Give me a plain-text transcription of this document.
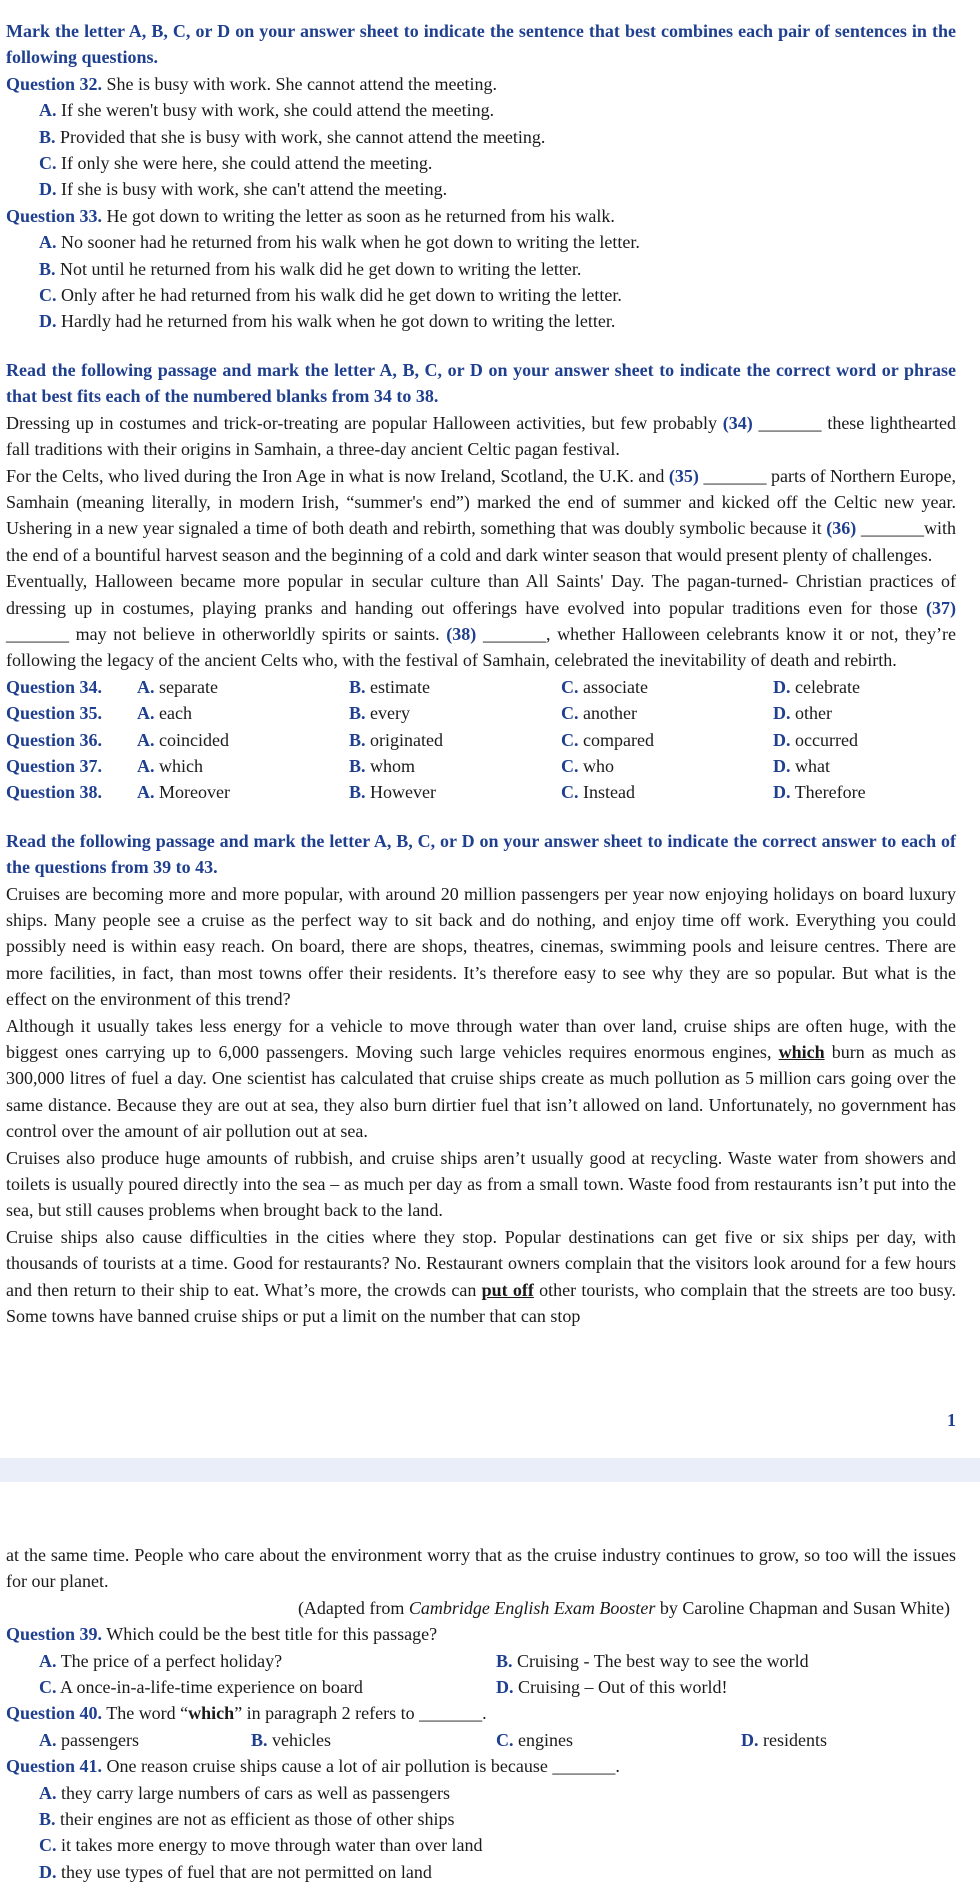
Mark the letter A, B, C, or D on your answer sheet to indicate the sentence that best combines each pair of sentences in the following questions.
Question 32. She is busy with work. She cannot attend the meeting.
A. If she weren't busy with work, she could attend the meeting.
B. Provided that she is busy with work, she cannot attend the meeting.
C. If only she were here, she could attend the meeting.
D. If she is busy with work, she can't attend the meeting.
Question 33. He got down to writing the letter as soon as he returned from his walk.
A. No sooner had he returned from his walk when he got down to writing the letter.
B. Not until he returned from his walk did he get down to writing the letter.
C. Only after he had returned from his walk did he get down to writing the letter.
D. Hardly had he returned from his walk when he got down to writing the letter.
Read the following passage and mark the letter A, B, C, or D on your answer sheet to indicate the correct word or phrase that best fits each of the numbered blanks from 34 to 38.
Dressing up in costumes and trick-or-treating are popular Halloween activities, but few probably (34) _______ these lighthearted fall traditions with their origins in Samhain, a three-day ancient Celtic pagan festival.
For the Celts, who lived during the Iron Age in what is now Ireland, Scotland, the U.K. and (35) _______ parts of Northern Europe, Samhain (meaning literally, in modern Irish, “summer's end”) marked the end of summer and kicked off the Celtic new year. Ushering in a new year signaled a time of both death and rebirth, something that was doubly symbolic because it (36) _______with the end of a bountiful harvest season and the beginning of a cold and dark winter season that would present plenty of challenges.
Eventually, Halloween became more popular in secular culture than All Saints' Day. The pagan-turned- Christian practices of dressing up in costumes, playing pranks and handing out offerings have evolved into popular traditions even for those (37) _______ may not believe in otherworldly spirits or saints. (38) _______, whether Halloween celebrants know it or not, they’re following the legacy of the ancient Celts who, with the festival of Samhain, celebrated the inevitability of death and rebirth.
Question 34.	A. separate	B. estimate	C. associate	D. celebrate
Question 35.	A. each	B. every	C. another	D. other
Question 36.	A. coincided	B. originated	C. compared	D. occurred
Question 37.	A. which	B. whom	C. who	D. what
Question 38.	A. Moreover	B. However	C. Instead	D. Therefore
Read the following passage and mark the letter A, B, C, or D on your answer sheet to indicate the correct answer to each of the questions from 39 to 43.
Cruises are becoming more and more popular, with around 20 million passengers per year now enjoying holidays on board luxury ships. Many people see a cruise as the perfect way to sit back and do nothing, and enjoy time off work. Everything you could possibly need is within easy reach. On board, there are shops, theatres, cinemas, swimming pools and leisure centres. There are more facilities, in fact, than most towns offer their residents. It’s therefore easy to see why they are so popular. But what is the effect on the environment of this trend?
Although it usually takes less energy for a vehicle to move through water than over land, cruise ships are often huge, with the biggest ones carrying up to 6,000 passengers. Moving such large vehicles requires enormous engines, which burn as much as 300,000 litres of fuel a day. One scientist has calculated that cruise ships create as much pollution as 5 million cars going over the same distance. Because they are out at sea, they also burn dirtier fuel that isn’t allowed on land. Unfortunately, no government has control over the amount of air pollution out at sea.
Cruises also produce huge amounts of rubbish, and cruise ships aren’t usually good at recycling. Waste water from showers and toilets is usually poured directly into the sea – as much per day as from a small town. Waste food from restaurants isn’t put into the sea, but still causes problems when brought back to the land.
Cruise ships also cause difficulties in the cities where they stop. Popular destinations can get five or six ships per day, with thousands of tourists at a time. Good for restaurants? No. Restaurant owners complain that the visitors look around for a few hours and then return to their ship to eat. What’s more, the crowds can put off other tourists, who complain that the streets are too busy. Some towns have banned cruise ships or put a limit on the number that can stop
1
at the same time. People who care about the environment worry that as the cruise industry continues to grow, so too will the issues for our planet.
(Adapted from Cambridge English Exam Booster by Caroline Chapman and Susan White)
Question 39. Which could be the best title for this passage?
A. The price of a perfect holiday?	B. Cruising - The best way to see the world
C. A once-in-a-life-time experience on board	D. Cruising – Out of this world!
Question 40. The word “which” in paragraph 2 refers to _______.
A. passengers	B. vehicles	C. engines	D. residents
Question 41. One reason cruise ships cause a lot of air pollution is because _______.
A. they carry large numbers of cars as well as passengers
B. their engines are not as efficient as those of other ships
C. it takes more energy to move through water than over land
D. they use types of fuel that are not permitted on land
